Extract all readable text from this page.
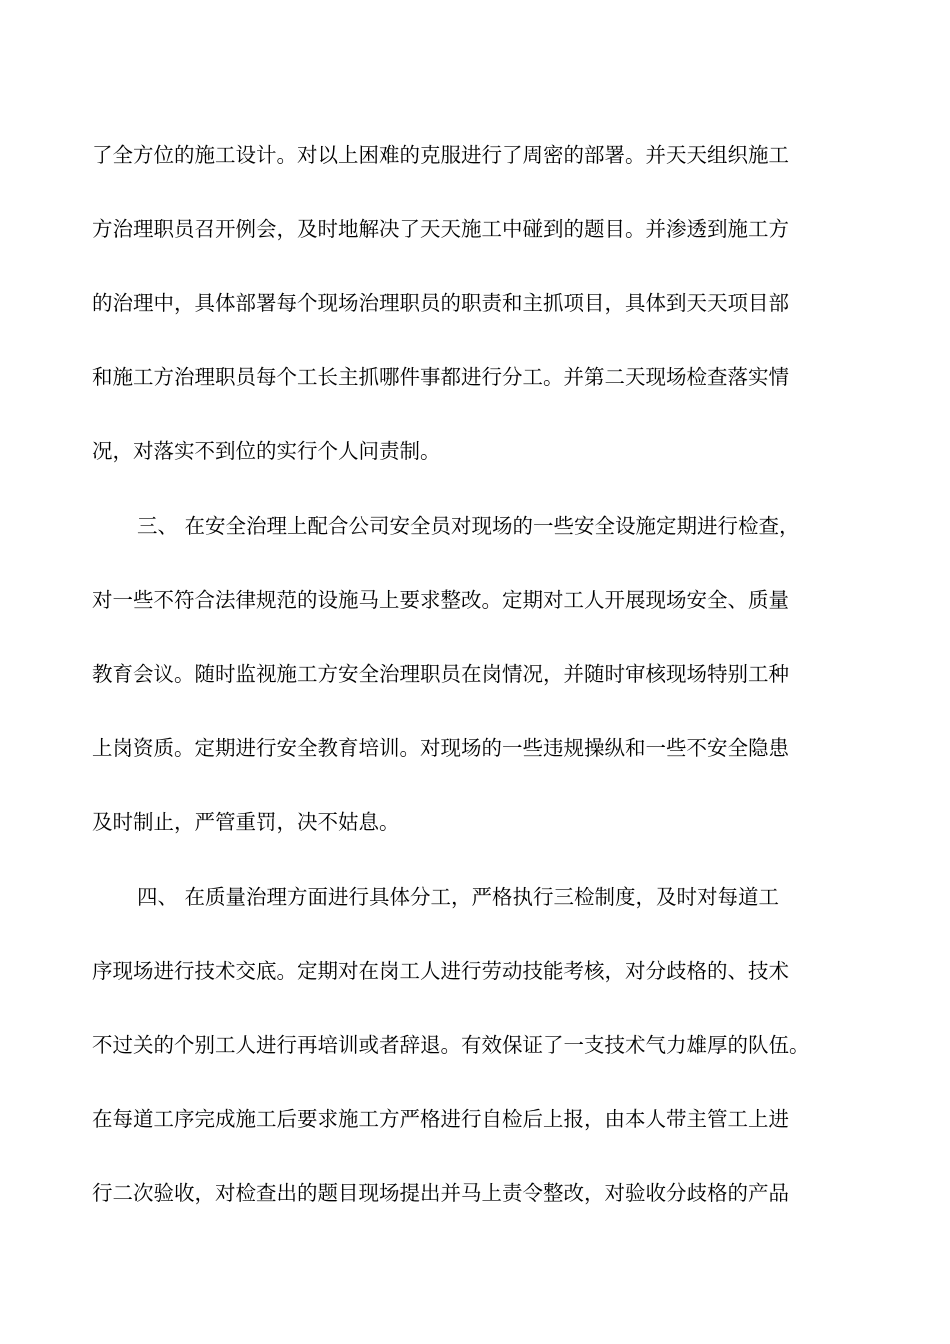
了全方位的施工设计。对以上困难的克服进行了周密的部署。并天天组织施工
方治理职员召开例会，及时地解决了天天施工中碰到的题目。并渗透到施工方
的治理中，具体部署每个现场治理职员的职责和主抓项目，具体到天天项目部
和施工方治理职员每个工长主抓哪件事都进行分工。并第二天现场检查落实情
况，对落实不到位的实行个人问责制。
三、 在安全治理上配合公司安全员对现场的一些安全设施定期进行检查，
对一些不符合法律规范的设施马上要求整改。定期对工人开展现场安全、质量
教育会议。随时监视施工方安全治理职员在岗情况，并随时审核现场特别工种
上岗资质。定期进行安全教育培训。对现场的一些违规操纵和一些不安全隐患
及时制止，严管重罚，决不姑息。
四、 在质量治理方面进行具体分工，严格执行三检制度，及时对每道工
序现场进行技术交底。定期对在岗工人进行劳动技能考核，对分歧格的、技术
不过关的个别工人进行再培训或者辞退。有效保证了一支技术气力雄厚的队伍。
在每道工序完成施工后要求施工方严格进行自检后上报，由本人带主管工上进
行二次验收，对检查出的题目现场提出并马上责令整改，对验收分歧格的产品
